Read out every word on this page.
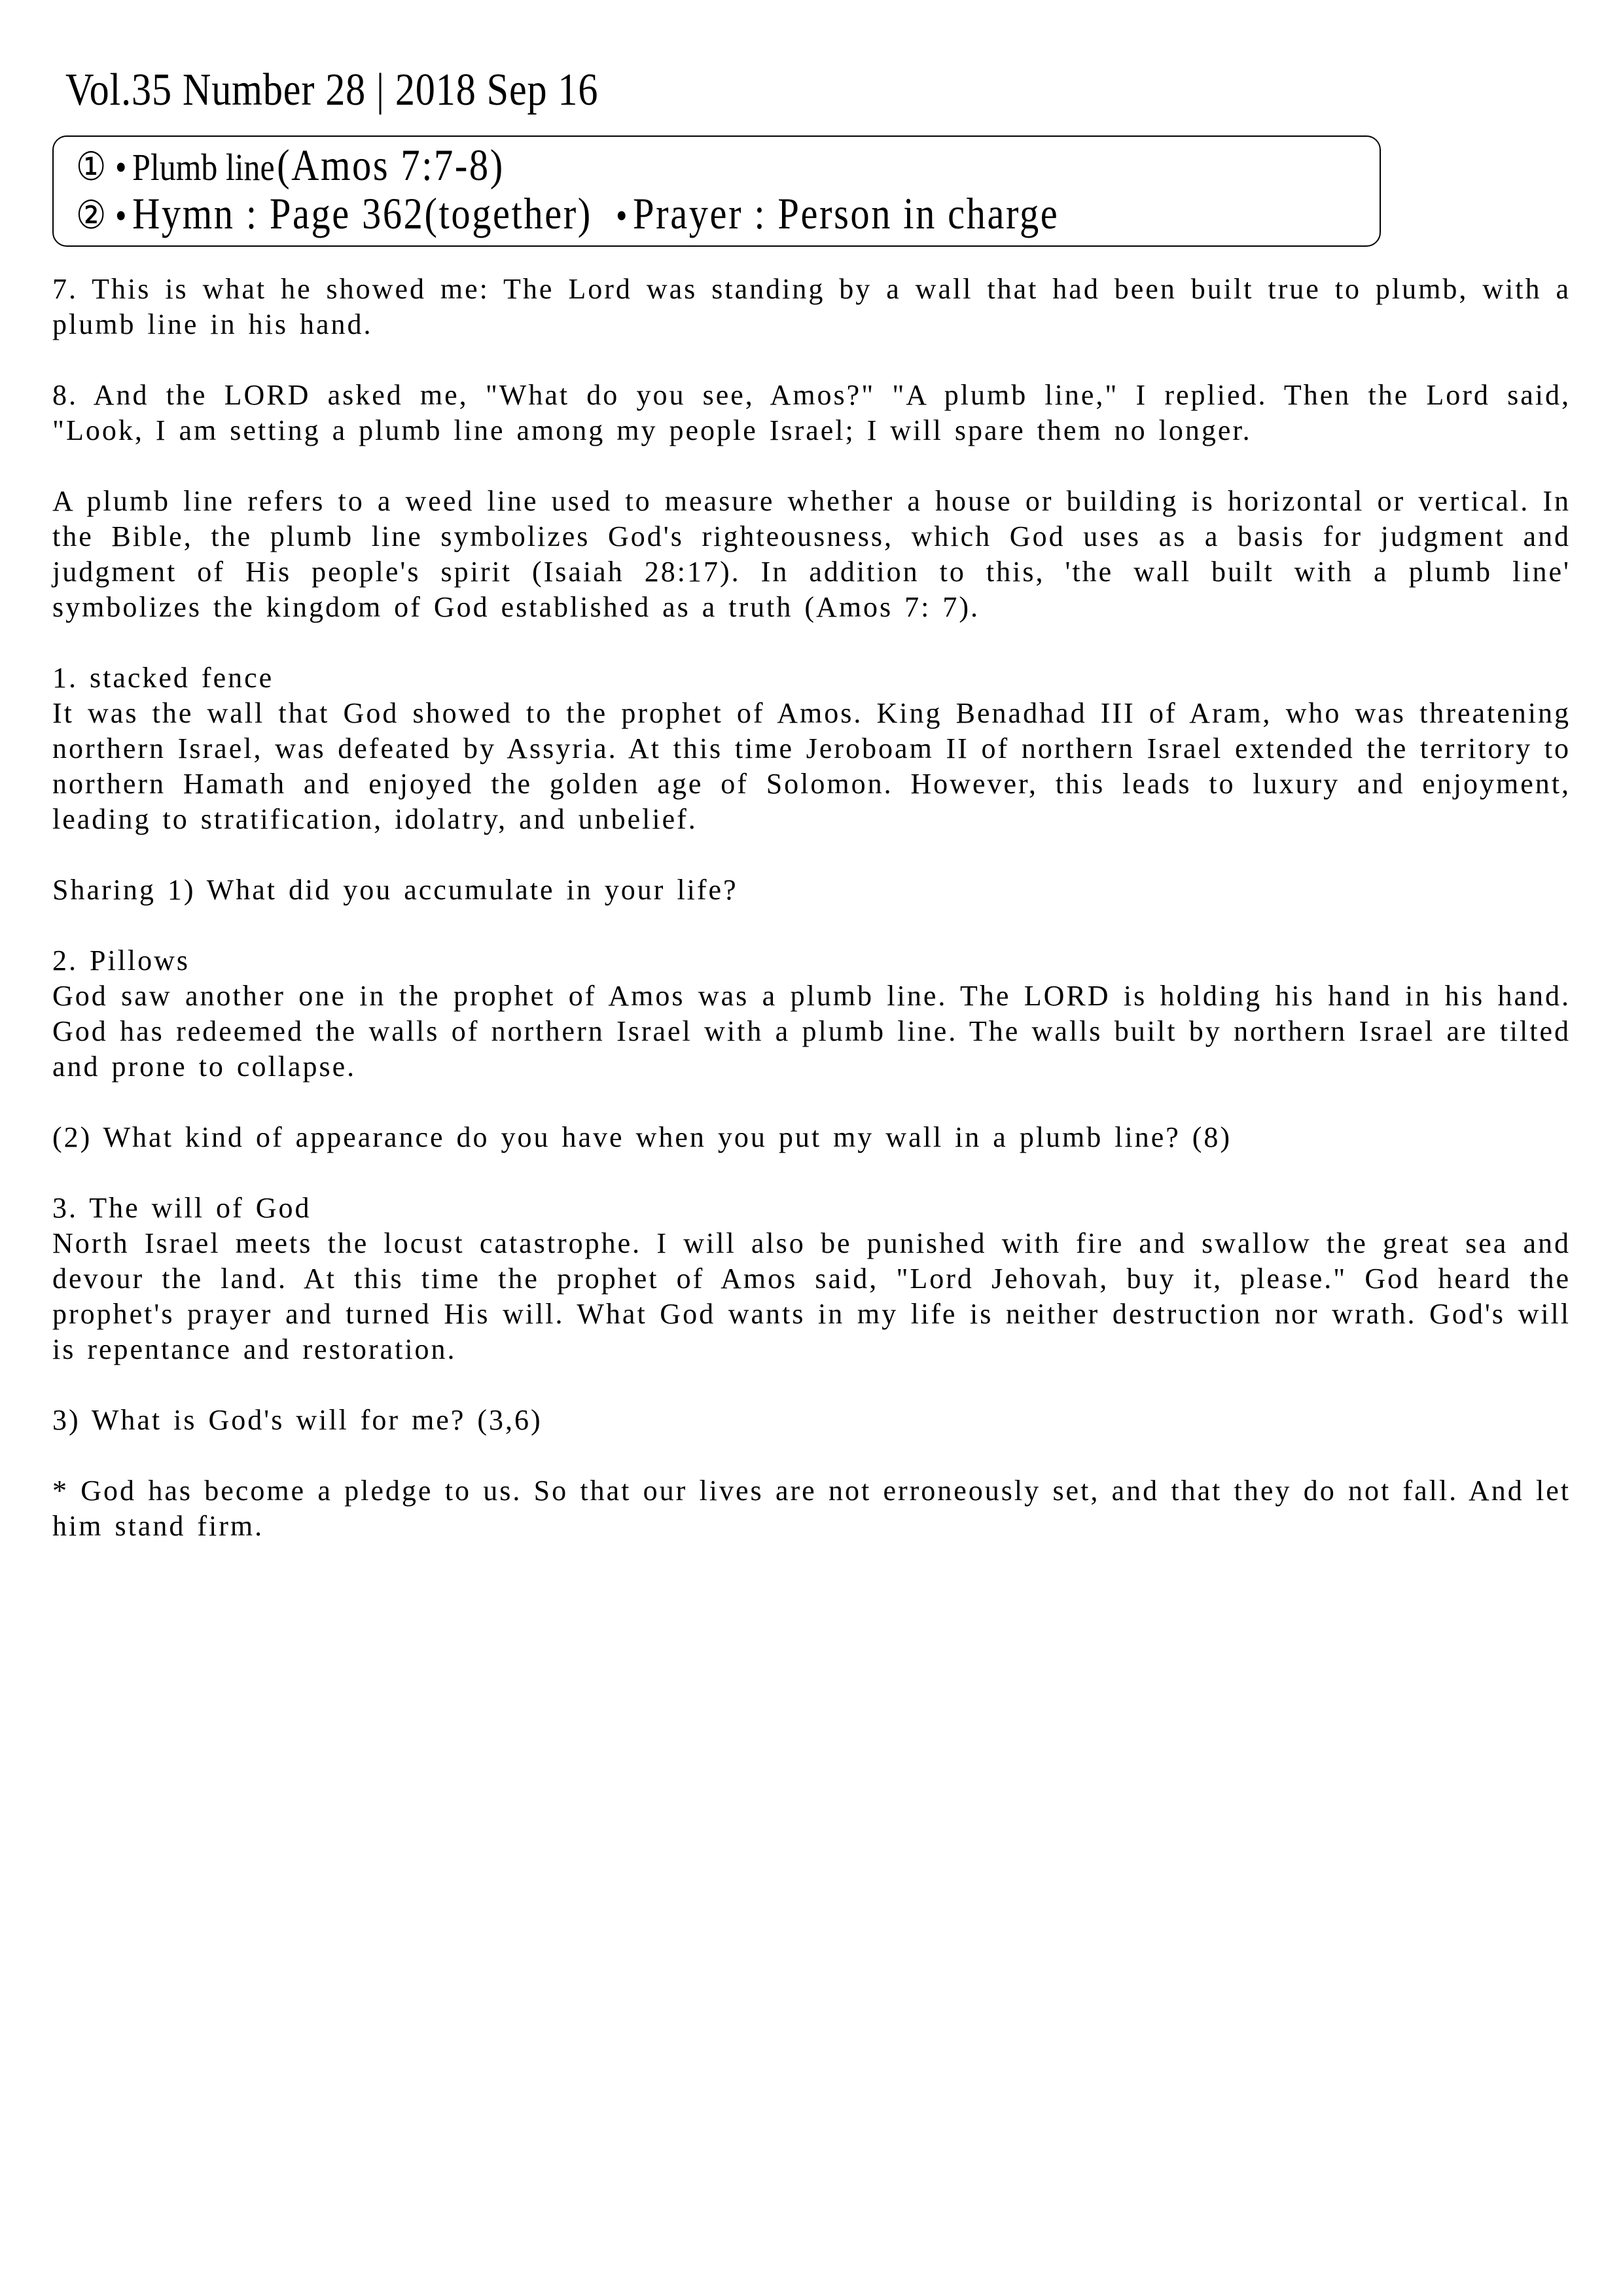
Vol.35 Number 28 | 2018 Sep 16
① • Plumb line (Amos 7:7-8)
② • Hymn : Page 362(together) • Prayer : Person in charge

7. This is what he showed me: The Lord was standing by a wall that had been built true to plumb, with a plumb line in his hand.

8. And the LORD asked me, "What do you see, Amos?" "A plumb line," I replied. Then the Lord said, "Look, I am setting a plumb line among my people Israel; I will spare them no longer.

A plumb line refers to a weed line used to measure whether a house or building is horizontal or vertical. In the Bible, the plumb line symbolizes God's righteousness, which God uses as a basis for judgment and judgment of His people's spirit (Isaiah 28:17). In addition to this, 'the wall built with a plumb line' symbolizes the kingdom of God established as a truth (Amos 7: 7).

1. stacked fence
It was the wall that God showed to the prophet of Amos. King Benadhad III of Aram, who was threatening northern Israel, was defeated by Assyria. At this time Jeroboam II of northern Israel extended the territory to northern Hamath and enjoyed the golden age of Solomon. However, this leads to luxury and enjoyment, leading to stratification, idolatry, and unbelief.

Sharing 1) What did you accumulate in your life?

2. Pillows
God saw another one in the prophet of Amos was a plumb line. The LORD is holding his hand in his hand. God has redeemed the walls of northern Israel with a plumb line. The walls built by northern Israel are tilted and prone to collapse.

(2) What kind of appearance do you have when you put my wall in a plumb line? (8)

3. The will of God
North Israel meets the locust catastrophe. I will also be punished with fire and swallow the great sea and devour the land. At this time the prophet of Amos said, "Lord Jehovah, buy it, please." God heard the prophet's prayer and turned His will. What God wants in my life is neither destruction nor wrath. God's will is repentance and restoration.

3) What is God's will for me? (3,6)

* God has become a pledge to us. So that our lives are not erroneously set, and that they do not fall. And let him stand firm.
